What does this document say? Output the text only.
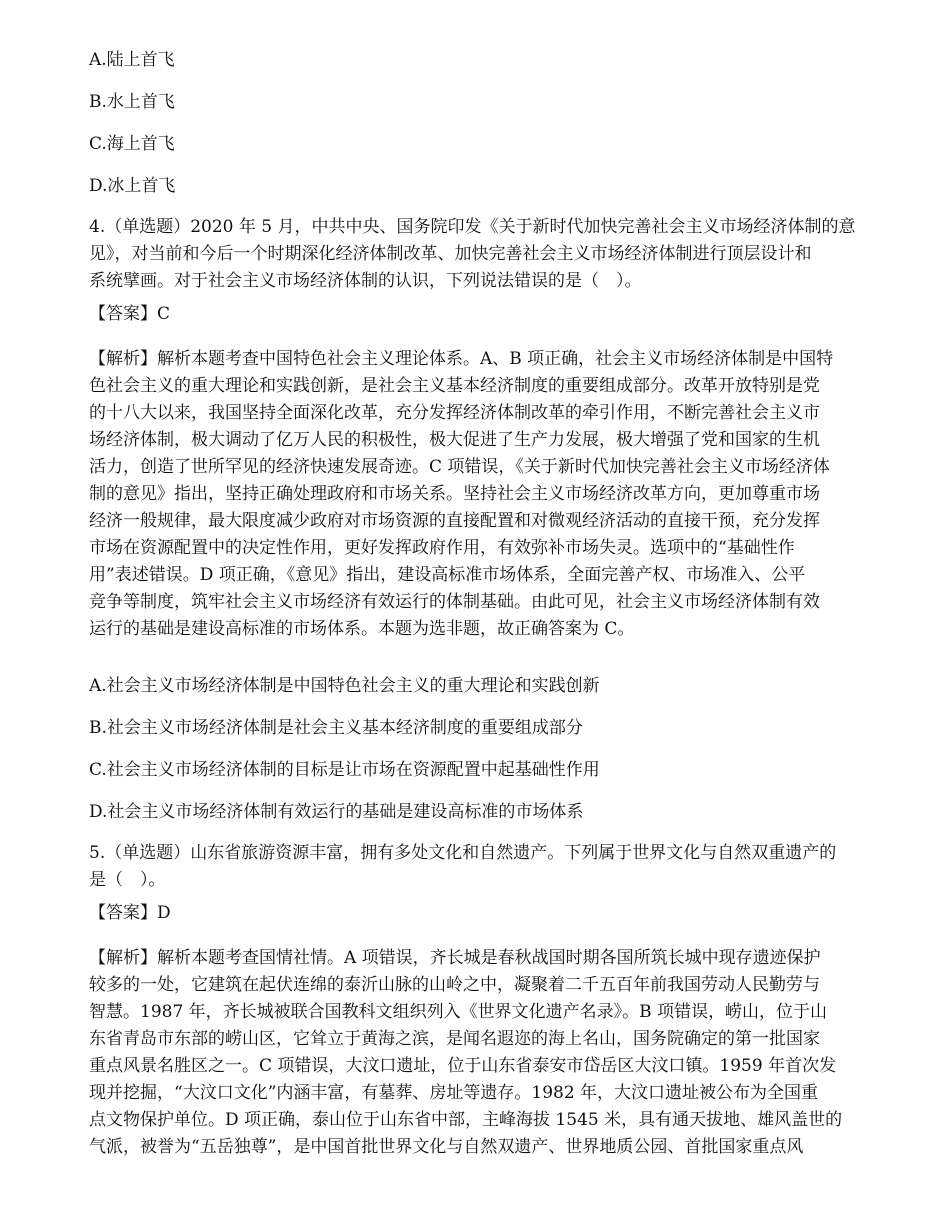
A.陆上首飞
B.水上首飞
C.海上首飞
D.冰上首飞
4.（单选题）2020 年 5 月，中共中央、国务院印发《关于新时代加快完善社会主义市场经济体制的意
见》，对当前和今后一个时期深化经济体制改革、加快完善社会主义市场经济体制进行顶层设计和
系统擘画。对于社会主义市场经济体制的认识，下列说法错误的是（　）。
【答案】C
【解析】解析本题考查中国特色社会主义理论体系。A、B 项正确，社会主义市场经济体制是中国特
色社会主义的重大理论和实践创新，是社会主义基本经济制度的重要组成部分。改革开放特别是党
的十八大以来，我国坚持全面深化改革，充分发挥经济体制改革的牵引作用，不断完善社会主义市
场经济体制，极大调动了亿万人民的积极性，极大促进了生产力发展，极大增强了党和国家的生机
活力，创造了世所罕见的经济快速发展奇迹。C 项错误，《关于新时代加快完善社会主义市场经济体
制的意见》指出，坚持正确处理政府和市场关系。坚持社会主义市场经济改革方向，更加尊重市场
经济一般规律，最大限度减少政府对市场资源的直接配置和对微观经济活动的直接干预，充分发挥
市场在资源配置中的决定性作用，更好发挥政府作用，有效弥补市场失灵。选项中的“基础性作
用”表述错误。D 项正确，《意见》指出，建设高标准市场体系，全面完善产权、市场准入、公平
竞争等制度，筑牢社会主义市场经济有效运行的体制基础。由此可见，社会主义市场经济体制有效
运行的基础是建设高标准的市场体系。本题为选非题，故正确答案为 C。
A.社会主义市场经济体制是中国特色社会主义的重大理论和实践创新
B.社会主义市场经济体制是社会主义基本经济制度的重要组成部分
C.社会主义市场经济体制的目标是让市场在资源配置中起基础性作用
D.社会主义市场经济体制有效运行的基础是建设高标准的市场体系
5.（单选题）山东省旅游资源丰富，拥有多处文化和自然遗产。下列属于世界文化与自然双重遗产的
是（　）。
【答案】D
【解析】解析本题考查国情社情。A 项错误，齐长城是春秋战国时期各国所筑长城中现存遗迹保护
较多的一处，它建筑在起伏连绵的泰沂山脉的山岭之中，凝聚着二千五百年前我国劳动人民勤劳与
智慧。1987 年，齐长城被联合国教科文组织列入《世界文化遗产名录》。B 项错误，崂山，位于山
东省青岛市东部的崂山区，它耸立于黄海之滨，是闻名遐迩的海上名山，国务院确定的第一批国家
重点风景名胜区之一。C 项错误，大汶口遗址，位于山东省泰安市岱岳区大汶口镇。1959 年首次发
现并挖掘，“大汶口文化”内涵丰富，有墓葬、房址等遗存。1982 年，大汶口遗址被公布为全国重
点文物保护单位。D 项正确，泰山位于山东省中部，主峰海拔 1545 米，具有通天拔地、雄风盖世的
气派，被誉为“五岳独尊”，是中国首批世界文化与自然双遗产、世界地质公园、首批国家重点风
